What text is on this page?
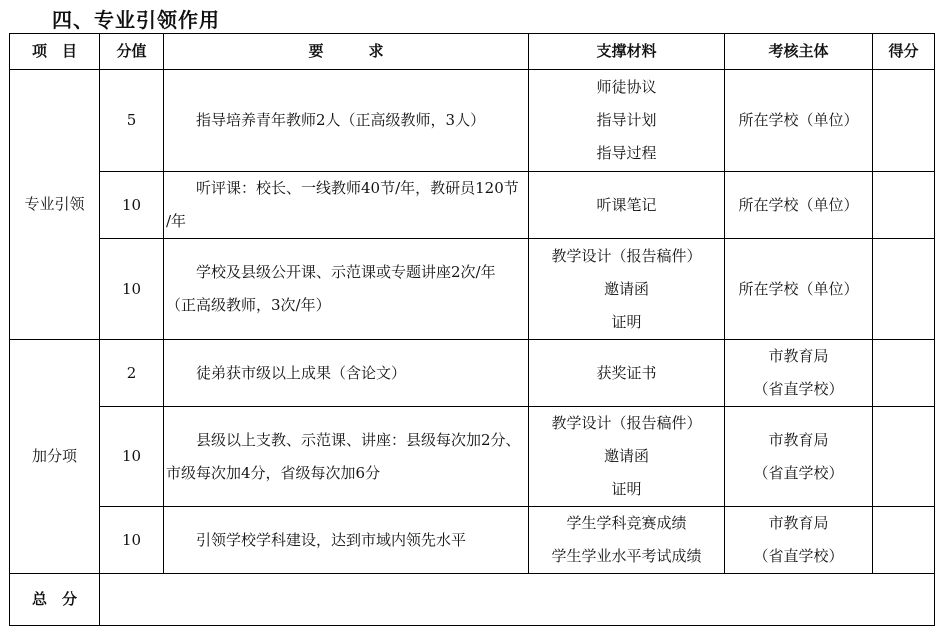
四、专业引领作用
项　目	分值	要　　　求	支撑材料	考核主体	得分
专业引领	5	指导培养青年教师2人（正高级教师，3人）	师徒协议
指导计划
指导过程	所在学校（单位）	

	10	听评课：校长、一线教师40节/年，教研员120节
/年	听课笔记	所在学校（单位）	

	10	学校及县级公开课、示范课或专题讲座2次/年
（正高级教师，3次/年）	教学设计（报告稿件）
邀请函
证明	所在学校（单位）	

加分项	2	徒弟获市级以上成果（含论文）	获奖证书	市教育局
（省直学校）	

	10	县级以上支教、示范课、讲座：县级每次加2分、
市级每次加4分，省级每次加6分	教学设计（报告稿件）
邀请函
证明	市教育局
（省直学校）	

	10	引领学校学科建设，达到市域内领先水平	学生学科竞赛成绩
学生学业水平考试成绩	市教育局
（省直学校）	

总　分					
